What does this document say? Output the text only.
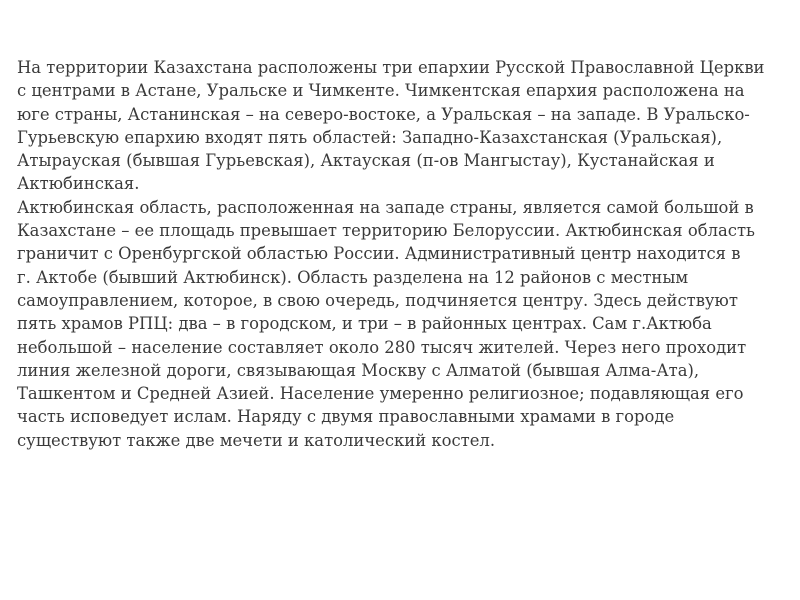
На территории Казахстана расположены три епархии Русской Православной Церкви
с центрами в Астане, Уральске и Чимкенте. Чимкентская епархия расположена на
юге страны, Астанинская – на северо-востоке, а Уральская – на западе. В Уральско-
Гурьевскую епархию входят пять областей: Западно-Казахстанская (Уральская),
Атырауская (бывшая Гурьевская), Актауская (п-ов Мангыстау), Кустанайская и
Актюбинская.
Актюбинская область, расположенная на западе страны, является самой большой в
Казахстане – ее площадь превышает территорию Белоруссии. Актюбинская область
граничит с Оренбургской областью России. Административный центр находится в
г. Актобе (бывший Актюбинск). Область разделена на 12 районов с местным
самоуправлением, которое, в свою очередь, подчиняется центру. Здесь действуют
пять храмов РПЦ: два – в городском, и три – в районных центрах. Сам г.Актюба
небольшой – население составляет около 280 тысяч жителей. Через него проходит
линия железной дороги, связывающая Москву с Алматой (бывшая Алма-Ата),
Ташкентом и Средней Азией. Население умеренно религиозное; подавляющая его
часть исповедует ислам. Наряду с двумя православными храмами в городе
существуют также две мечети и католический костел.
